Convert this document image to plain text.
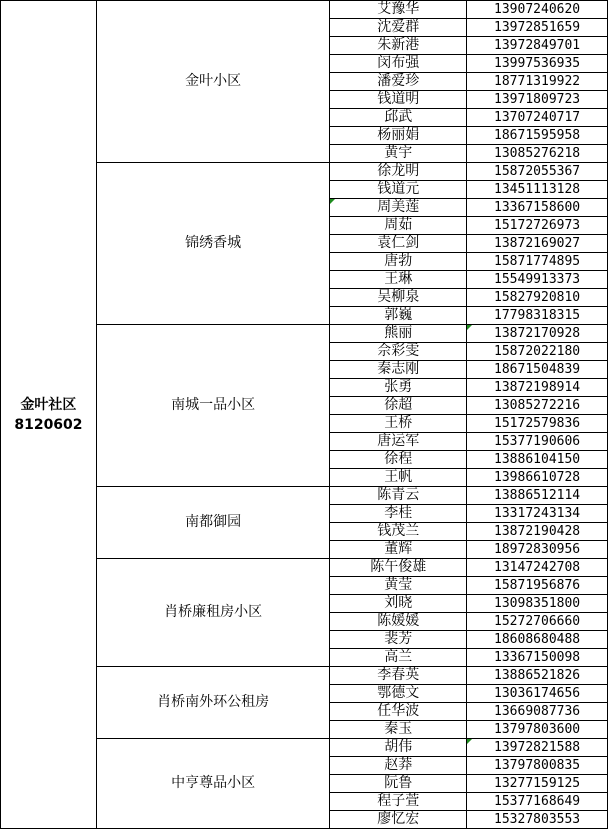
金叶社区
8120602	金叶小区	艾豫华	13907240620
		沈爱群	13972851659
		朱新港	13972849701
		闵布强	13997536935
		潘爱珍	18771319922
		钱道明	13971809723
		邱武	13707240717
		杨丽娟	18671595958
		黄宇	13085276218
	锦绣香城	徐龙明	15872055367
		钱道元	13451113128
		周美莲	13367158600
		周茹	15172726973
		袁仁剑	13872169027
		唐勃	15871774895
		王琳	15549913373
		吴柳泉	15827920810
		郭巍	17798318315
	南城一品小区	熊丽	13872170928
		佘彩雯	15872022180
		秦志刚	18671504839
		张勇	13872198914
		徐超	13085272216
		王桥	15172579836
		唐运军	15377190606
		徐程	13886104150
		王帆	13986610728
	南都御园	陈青云	13886512114
		李桂	13317243134
		钱茂兰	13872190428
		董辉	18972830956
	肖桥廉租房小区	陈午俊雄	13147242708
		黄莹	15871956876
		刘晓	13098351800
		陈媛媛	15272706660
		裴芳	18608680488
		高兰	13367150098
	肖桥南外环公租房	李春英	13886521826
		鄂德文	13036174656
		任华波	13669087736
		秦玉	13797803600
	中亨尊品小区	胡伟	13972821588
		赵莽	13797800835
		阮鲁	13277159125
		程子萱	15377168649
		廖忆宏	15327803553
